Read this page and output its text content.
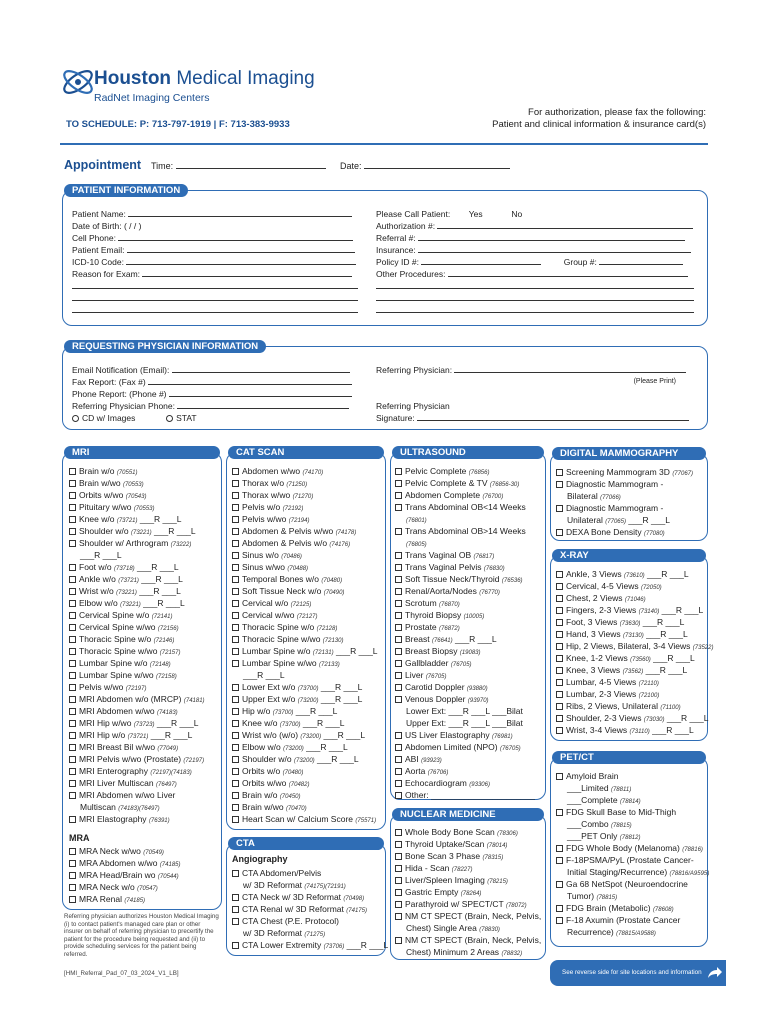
Houston Medical Imaging
RadNet Imaging Centers
TO SCHEDULE: P: 713-797-1919 | F: 713-383-9933
For authorization, please fax the following:
Patient and clinical information & insurance card(s)
Appointment Time:	Date:
PATIENT INFORMATION
Patient Name:
Date of Birth: ( / / )
Cell Phone:
Patient Email:
ICD-10 Code:
Reason for Exam:
Please Call Patient: Yes	No
Authorization #:
Referral #:
Insurance:
Policy ID #:	Group #:
Other Procedures:
REQUESTING PHYSICIAN INFORMATION
Email Notification (Email):
Fax Report: (Fax #)
Phone Report: (Phone #)
Referring Physician Phone:
CD w/ Images	STAT
Referring Physician:
(Please Print)
Referring Physician
Signature:
MRI
Brain w/o (70551)
Brain w/wo (70553)
Orbits w/wo (70543)
Pituitary w/wo (70553)
Knee w/o (73721) ___R ___L
Shoulder w/o (73221) ___R ___L
Shoulder w/ Arthrogram (73222)
___R ___L
Foot w/o (73718) ___R ___L
Ankle w/o (73721) ___R ___L
Wrist w/o (73221) ___R ___L
Elbow w/o (73221) ___R ___L
Cervical Spine w/o (72141)
Cervical Spine w/wo (72156)
Thoracic Spine w/o (72146)
Thoracic Spine w/wo (72157)
Lumbar Spine w/o (72148)
Lumbar Spine w/wo (72158)
Pelvis w/wo (72197)
MRI Abdomen w/o (MRCP) (74181)
MRI Abdomen w/wo (74183)
MRI Hip w/wo (73723) ___R ___L
MRI Hip w/o (73721) ___R ___L
MRI Breast Bil w/wo (77049)
MRI Pelvis w/wo (Prostate) (72197)
MRI Enterography (72197)(74183)
MRI Liver Multiscan (76497)
MRI Abdomen w/wo Liver
Multiscan (74183)(76497)
MRI Elastography (76391)
MRA
MRA Neck w/wo (70549)
MRA Abdomen w/wo (74185)
MRA Head/Brain wo (70544)
MRA Neck w/o (70547)
MRA Renal (74185)
CAT SCAN
Abdomen w/wo (74170)
Thorax w/o (71250)
Thorax w/wo (71270)
Pelvis w/o (72192)
Pelvis w/wo (72194)
Abdomen & Pelvis w/wo (74178)
Abdomen & Pelvis w/o (74176)
Sinus w/o (70486)
Sinus w/wo (70488)
Temporal Bones w/o (70480)
Soft Tissue Neck w/o (70490)
Cervical w/o (72125)
Cervical w/wo (72127)
Thoracic Spine w/o (72128)
Thoracic Spine w/wo (72130)
Lumbar Spine w/o (72131) ___R ___L
Lumbar Spine w/wo (72133)
___R ___L
Lower Ext w/o (73700) ___R ___L
Upper Ext w/o (73200) ___R ___L
Hip w/o (73700) ___R ___L
Knee w/o (73700) ___R ___L
Wrist w/o (w/o) (73200) ___R ___L
Elbow w/o (73200) ___R ___L
Shoulder w/o (73200) ___R ___L
Orbits w/o (70480)
Orbits w/wo (70482)
Brain w/o (70450)
Brain w/wo (70470)
Heart Scan w/ Calcium Score (75571)
CTA
Angiography
CTA Abdomen/Pelvis
w/ 3D Reformat (74175)(72191)
CTA Neck w/ 3D Reformat (70498)
CTA Renal w/ 3D Reformat (74175)
CTA Chest (P.E. Protocol)
w/ 3D Reformat (71275)
CTA Lower Extremity (73706) ___R ___L
ULTRASOUND
Pelvic Complete (76856)
Pelvic Complete & TV (76856-30)
Abdomen Complete (76700)
Trans Abdominal OB<14 Weeks
(76801)
Trans Abdominal OB>14 Weeks
(76805)
Trans Vaginal OB (76817)
Trans Vaginal Pelvis (76830)
Soft Tissue Neck/Thyroid (76536)
Renal/Aorta/Nodes (76770)
Scrotum (76870)
Thyroid Biopsy (10005)
Prostate (76872)
Breast (76641) ___R ___L
Breast Biopsy (19083)
Gallbladder (76705)
Liver (76705)
Carotid Doppler (93880)
Venous Doppler (93970)
Lower Ext: ___R ___L ___Bilat
Upper Ext: ___R ___L ___Bilat
US Liver Elastography (76981)
Abdomen Limited (NPO) (76705)
ABI (93923)
Aorta (76706)
Echocardiogram (93306)
Other: ______________________
NUCLEAR MEDICINE
Whole Body Bone Scan (78306)
Thyroid Uptake/Scan (78014)
Bone Scan 3 Phase (78315)
Hida - Scan (78227)
Liver/Spleen Imaging (78215)
Gastric Empty (78264)
Parathyroid w/ SPECT/CT (78072)
NM CT SPECT (Brain, Neck, Pelvis,
Chest) Single Area (78830)
NM CT SPECT (Brain, Neck, Pelvis,
Chest) Minimum 2 Areas (78832)
DIGITAL MAMMOGRAPHY
Screening Mammogram 3D (77067)
Diagnostic Mammogram -
Bilateral (77066)
Diagnostic Mammogram -
Unilateral (77065) ___R ___L
DEXA Bone Density (77080)
X-RAY
Ankle, 3 Views (73610) ___R ___L
Cervical, 4-5 Views (72050)
Chest, 2 Views (71046)
Fingers, 2-3 Views (73140) ___R ___L
Foot, 3 Views (73630) ___R ___L
Hand, 3 Views (73130) ___R ___L
Hip, 2 Views, Bilateral, 3-4 Views (73522)
Knee, 1-2 Views (73560) ___R ___L
Knee, 3 Views (73562) ___R ___L
Lumbar, 4-5 Views (72110)
Lumbar, 2-3 Views (72100)
Ribs, 2 Views, Unilateral (71100)
Shoulder, 2-3 Views (73030) ___R ___L
Wrist, 3-4 Views (73110) ___R ___L
PET/CT
Amyloid Brain
___Limited (78811)
___Complete (78814)
FDG Skull Base to Mid-Thigh
___Combo (78815)
___PET Only (78812)
FDG Whole Body (Melanoma) (78816)
F-18PSMA/PyL (Prostate Cancer-
Initial Staging/Recurrence) (78816/A9595)
Ga 68 NetSpot (Neuroendocrine
Tumor) (78815)
FDG Brain (Metabolic) (78608)
F-18 Axumin (Prostate Cancer
Recurrence) (78815/A9588)
Referring physician authorizes Houston Medical Imaging (i) to contact patient's managed care plan or other insurer on behalf of referring physician to precertify the patient for the procedure being requested and (ii) to provide scheduling services for the patient being referred.
[HMI_Referral_Pad_07_03_2024_V1_LB]	See reverse side for site locations and information
